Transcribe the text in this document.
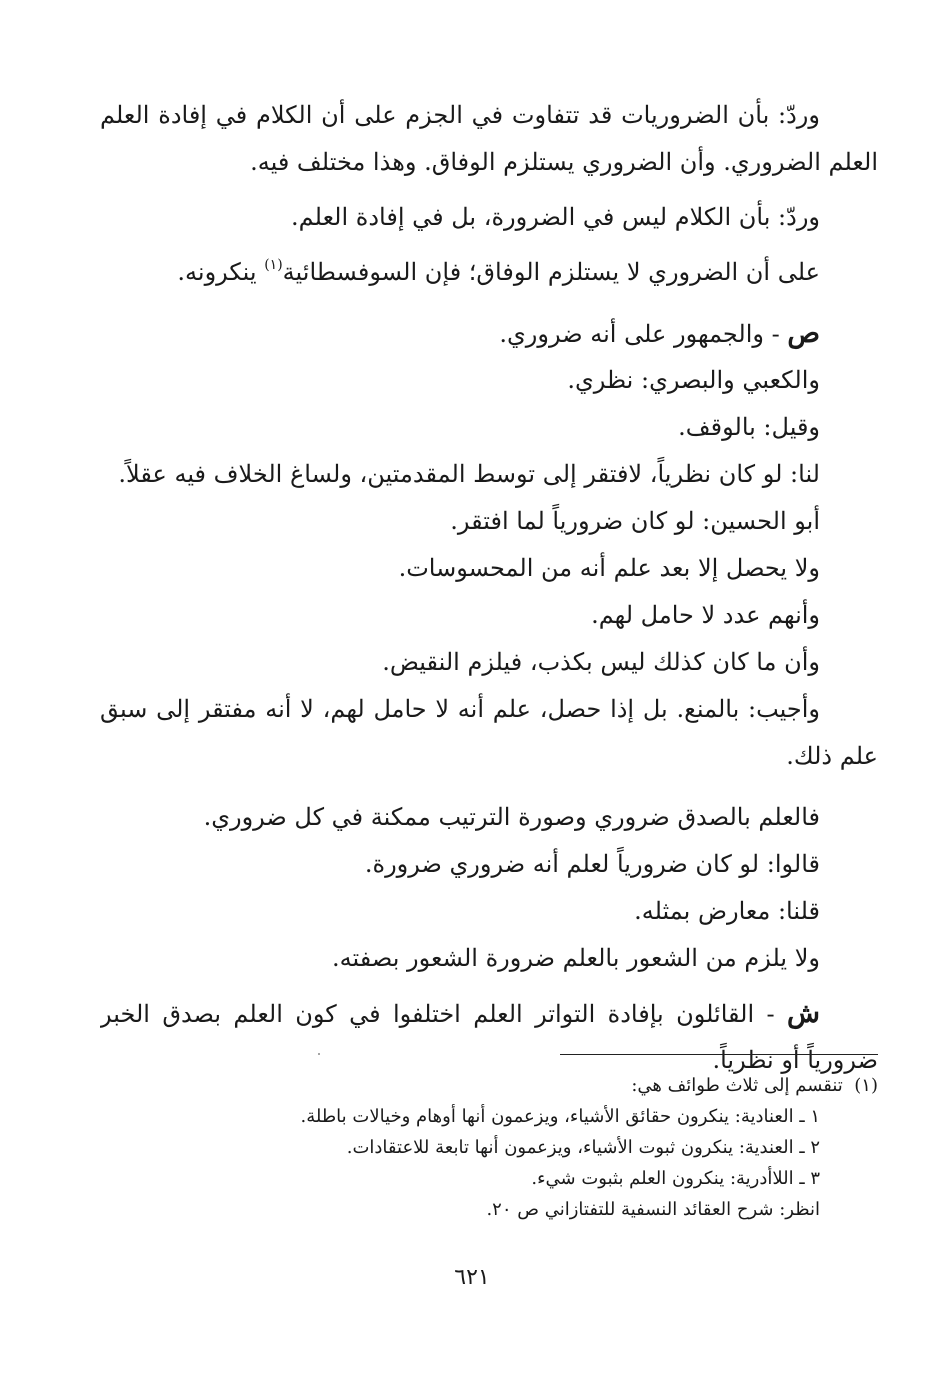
وردّ: بأن الضروريات قد تتفاوت في الجزم على أن الكلام في إفادة العلم
العلم الضروري. وأن الضروري يستلزم الوفاق. وهذا مختلف فيه.
وردّ: بأن الكلام ليس في الضرورة، بل في إفادة العلم.
على أن الضروري لا يستلزم الوفاق؛ فإن السوفسطائية$^{(١)}$ ينكرونه.
ص - والجمهور على أنه ضروري.
والكعبي والبصري: نظري.
وقيل: بالوقف.
لنا: لو كان نظرياً، لافتقر إلى توسط المقدمتين، ولساغ الخلاف فيه عقلاً.
أبو الحسين: لو كان ضرورياً لما افتقر.
ولا يحصل إلا بعد علم أنه من المحسوسات.
وأنهم عدد لا حامل لهم.
وأن ما كان كذلك ليس بكذب، فيلزم النقيض.
وأجيب: بالمنع. بل إذا حصل، علم أنه لا حامل لهم، لا أنه مفتقر إلى سبق
علم ذلك.
فالعلم بالصدق ضروري وصورة الترتيب ممكنة في كل ضروري.
قالوا: لو كان ضرورياً لعلم أنه ضروري ضرورة.
قلنا: معارض بمثله.
ولا يلزم من الشعور بالعلم ضرورة الشعور بصفته.
ش - القائلون بإفادة التواتر العلم اختلفوا في كون العلم بصدق الخبر
ضرورياً أو نظرياً.
(١)  تنقسم إلى ثلاث طوائف هي:
١ ـ العنادية: ينكرون حقائق الأشياء، ويزعمون أنها أوهام وخيالات باطلة.
٢ ـ العندية: ينكرون ثبوت الأشياء، ويزعمون أنها تابعة للاعتقادات.
٣ ـ اللاأدرية: ينكرون العلم بثبوت شيء.
انظر: شرح العقائد النسفية للتفتازاني ص ٢٠.
٦٢١
